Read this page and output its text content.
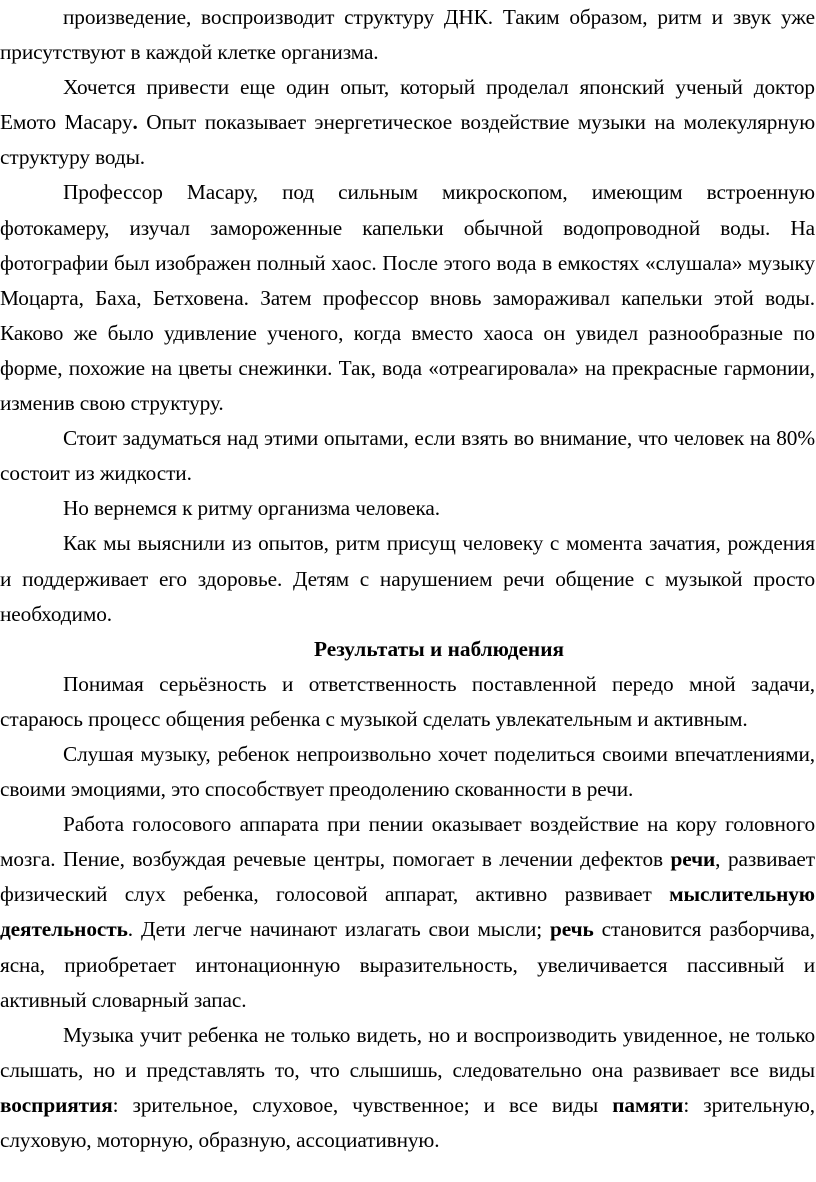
произведение, воспроизводит структуру ДНК. Таким образом, ритм и звук уже присутствуют в каждой клетке организма.

Хочется привести еще один опыт, который проделал японский ученый доктор Емото Масару. Опыт показывает энергетическое воздействие музыки на молекулярную структуру воды.

Профессор Масару, под сильным микроскопом, имеющим встроенную фотокамеру, изучал замороженные капельки обычной водопроводной воды. На фотографии был изображен полный хаос. После этого вода в емкостях «слушала» музыку Моцарта, Баха, Бетховена. Затем профессор вновь замораживал капельки этой воды. Каково же было удивление ученого, когда вместо хаоса он увидел разнообразные по форме, похожие на цветы снежинки. Так, вода «отреагировала» на прекрасные гармонии, изменив свою структуру.

Стоит задуматься над этими опытами, если взять во внимание, что человек на 80% состоит из жидкости.

Но вернемся к ритму организма человека.

Как мы выяснили из опытов, ритм присущ человеку с момента зачатия, рождения и поддерживает его здоровье. Детям с нарушением речи общение с музыкой просто необходимо.

Результаты и наблюдения

Понимая серьёзность и ответственность поставленной передо мной задачи, стараюсь процесс общения ребенка с музыкой сделать увлекательным и активным.

Слушая музыку, ребенок непроизвольно хочет поделиться своими впечатлениями, своими эмоциями, это способствует преодолению скованности в речи.

Работа голосового аппарата при пении оказывает воздействие на кору головного мозга. Пение, возбуждая речевые центры, помогает в лечении дефектов речи, развивает физический слух ребенка, голосовой аппарат, активно развивает мыслительную деятельность. Дети легче начинают излагать свои мысли; речь становится разборчива, ясна, приобретает интонационную выразительность, увеличивается пассивный и активный словарный запас.

Музыка учит ребенка не только видеть, но и воспроизводить увиденное, не только слышать, но и представлять то, что слышишь, следовательно она развивает все виды восприятия: зрительное, слуховое, чувственное; и все виды памяти: зрительную, слуховую, моторную, образную, ассоциативную.
